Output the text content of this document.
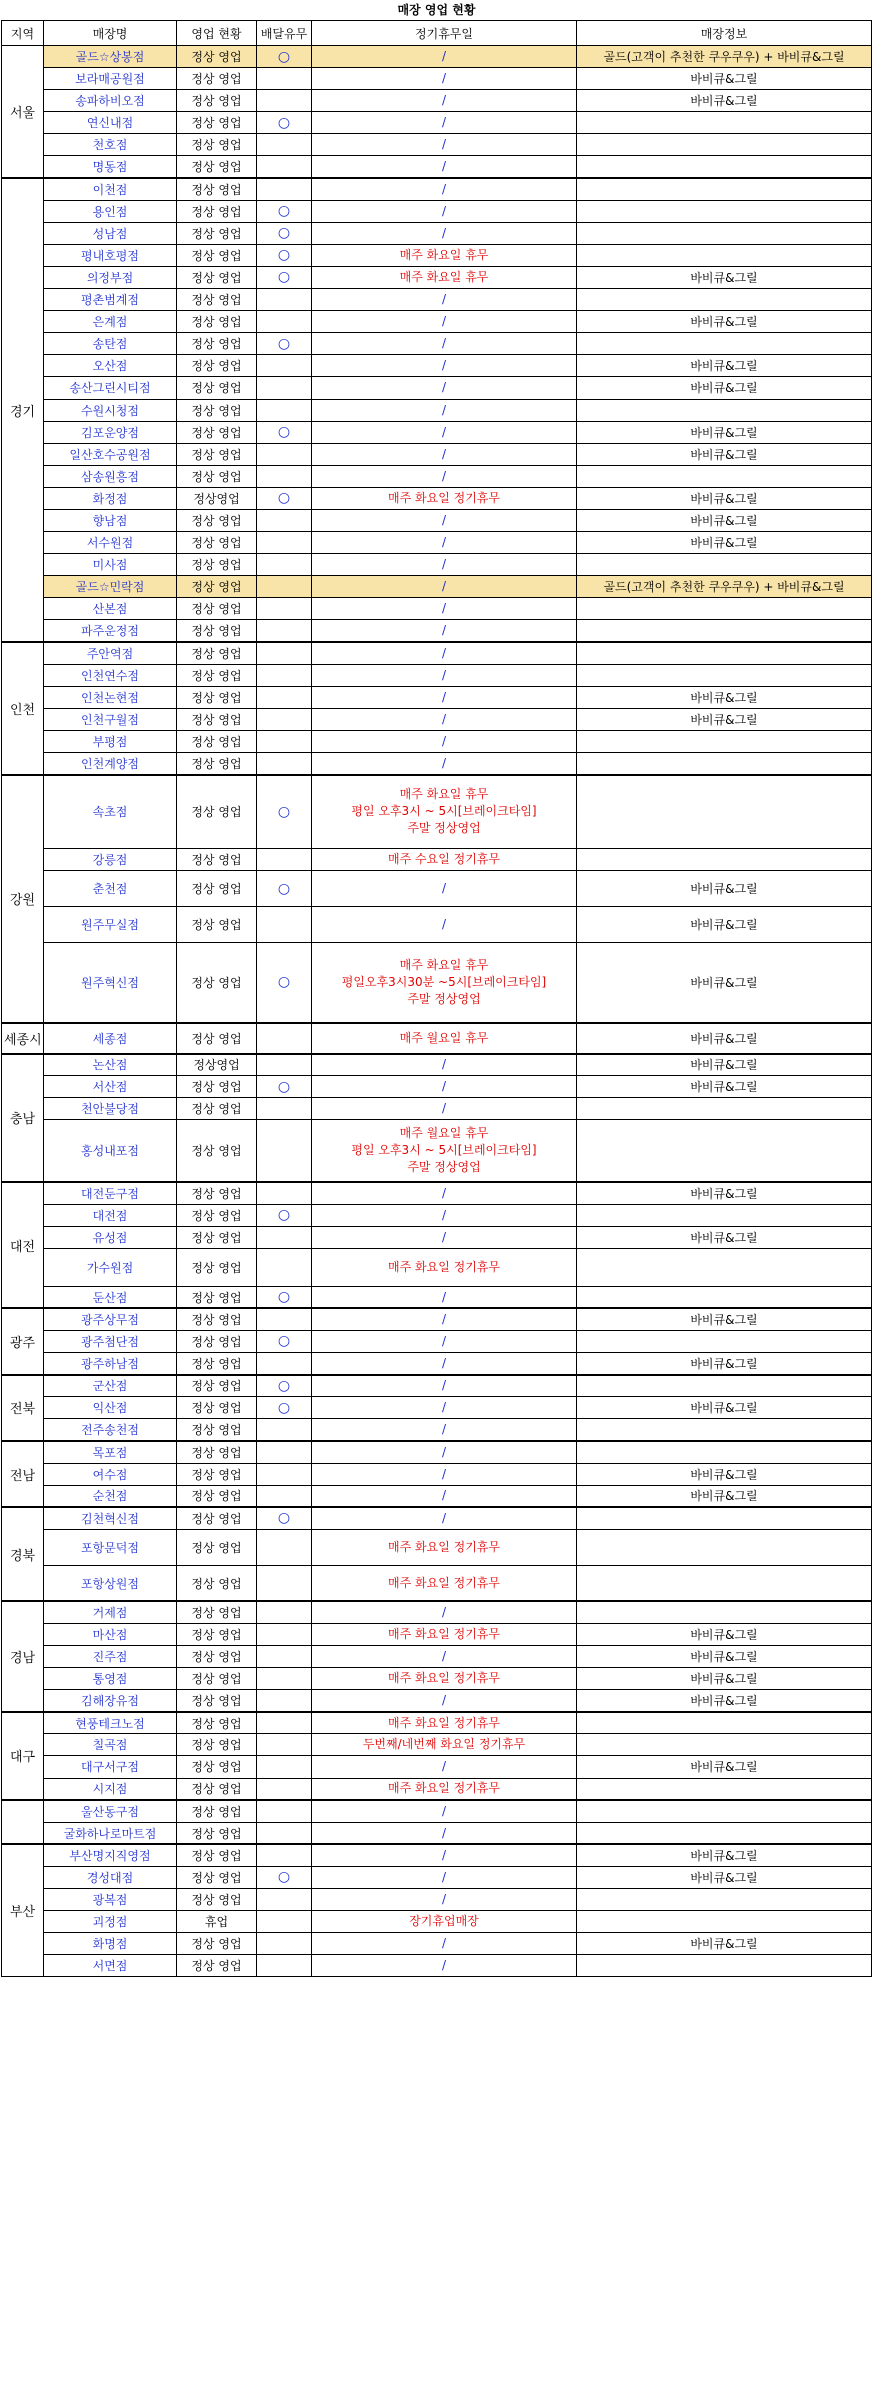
매장 영업 현황
지역	매장명	영업 현황	배달유무	정기휴무일	매장정보
서울	골드☆상봉점	정상 영업	○	/	골드(고객이 추천한 쿠우쿠우) + 바비큐&그릴
	보라매공원점	정상 영업		/	바비큐&그릴
	송파하비오점	정상 영업		/	바비큐&그릴
	연신내점	정상 영업	○	/	
	천호점	정상 영업		/	
	명동점	정상 영업		/	
경기	이천점	정상 영업		/	
	용인점	정상 영업	○	/	
	성남점	정상 영업	○	/	
	평내호평점	정상 영업	○	매주 화요일 휴무	
	의정부점	정상 영업	○	매주 화요일 휴무	바비큐&그릴
	평촌범계점	정상 영업		/	
	은계점	정상 영업		/	바비큐&그릴
	송탄점	정상 영업	○	/	
	오산점	정상 영업		/	바비큐&그릴
	송산그린시티점	정상 영업		/	바비큐&그릴
	수원시청점	정상 영업		/	
	김포운양점	정상 영업	○	/	바비큐&그릴
	일산호수공원점	정상 영업		/	바비큐&그릴
	삼송원흥점	정상 영업		/	
	화정점	정상영업	○	매주 화요일 정기휴무	바비큐&그릴
	향남점	정상 영업		/	바비큐&그릴
	서수원점	정상 영업		/	바비큐&그릴
	미사점	정상 영업		/	
	골드☆민락점	정상 영업		/	골드(고객이 추천한 쿠우쿠우) + 바비큐&그릴
	산본점	정상 영업		/	
	파주운정점	정상 영업		/	
인천	주안역점	정상 영업		/	
	인천연수점	정상 영업		/	
	인천논현점	정상 영업		/	바비큐&그릴
	인천구월점	정상 영업		/	바비큐&그릴
	부평점	정상 영업		/	
	인천계양점	정상 영업		/	
강원	속초점	정상 영업	○	매주 화요일 휴무
평일 오후3시 ~ 5시[브레이크타임]
주말 정상영업	
	강릉점	정상 영업		매주 수요일 정기휴무	
	춘천점	정상 영업	○	/	바비큐&그릴
	원주무실점	정상 영업		/	바비큐&그릴
	원주혁신점	정상 영업	○	매주 화요일 휴무
평일오후3시30분 ~5시[브레이크타임]
주말 정상영업	바비큐&그릴
세종시	세종점	정상 영업		매주 월요일 휴무	바비큐&그릴
충남	논산점	정상영업		/	바비큐&그릴
	서산점	정상 영업	○	/	바비큐&그릴
	천안불당점	정상 영업		/	
	홍성내포점	정상 영업		매주 월요일 휴무
평일 오후3시 ~ 5시[브레이크타임]
주말 정상영업	
대전	대전둔구점	정상 영업		/	바비큐&그릴
	대전점	정상 영업	○	/	
	유성점	정상 영업		/	바비큐&그릴
	가수원점	정상 영업		매주 화요일 정기휴무	
	둔산점	정상 영업	○	/	
광주	광주상무점	정상 영업		/	바비큐&그릴
	광주첨단점	정상 영업	○	/	
	광주하남점	정상 영업		/	바비큐&그릴
전북	군산점	정상 영업	○	/	
	익산점	정상 영업	○	/	바비큐&그릴
	전주송천점	정상 영업		/	
전남	목포점	정상 영업		/	
	여수점	정상 영업		/	바비큐&그릴
	순천점	정상 영업		/	바비큐&그릴
경북	김천혁신점	정상 영업	○	/	
	포항문덕점	정상 영업		매주 화요일 정기휴무	
	포항상원점	정상 영업		매주 화요일 정기휴무	
경남	거제점	정상 영업		/	
	마산점	정상 영업		매주 화요일 정기휴무	바비큐&그릴
	진주점	정상 영업		/	바비큐&그릴
	통영점	정상 영업		매주 화요일 정기휴무	바비큐&그릴
	김해장유점	정상 영업		/	바비큐&그릴
대구	현풍테크노점	정상 영업		매주 화요일 정기휴무	
	칠곡점	정상 영업		두번째/네번째 화요일 정기휴무	
	대구서구점	정상 영업		/	바비큐&그릴
	시지점	정상 영업		매주 화요일 정기휴무	
	울산동구점	정상 영업		/	
	굴화하나로마트점	정상 영업		/	
부산	부산명지직영점	정상 영업		/	바비큐&그릴
	경성대점	정상 영업	○	/	바비큐&그릴
	광복점	정상 영업		/	
	괴정점	휴업		장기휴업매장	
	화명점	정상 영업		/	바비큐&그릴
	서면점	정상 영업		/	
